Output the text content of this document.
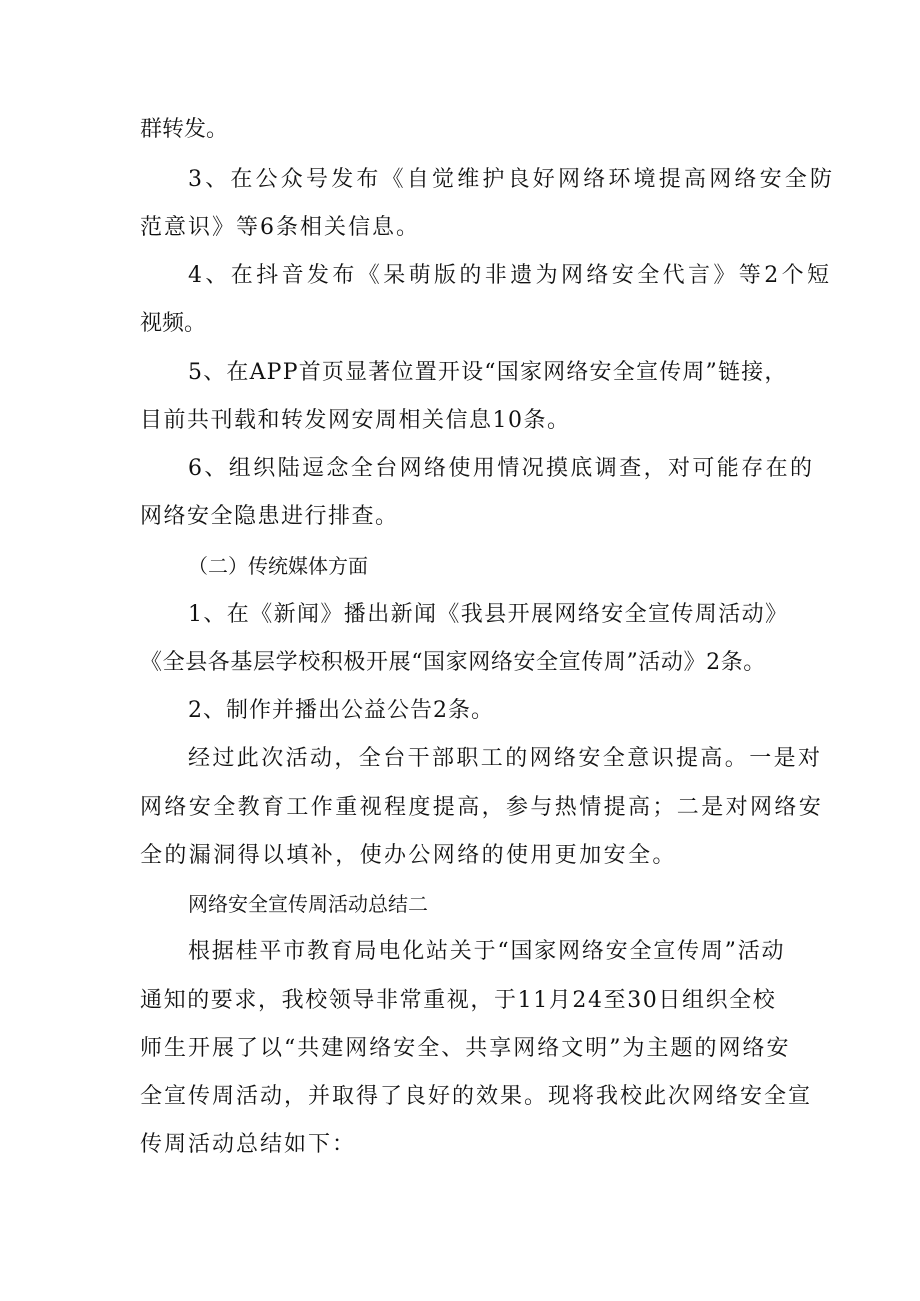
群转发。
3、在公众号发布《自觉维护良好网络环境提高网络安全防
范意识》等6条相关信息。
4、在抖音发布《呆萌版的非遗为网络安全代言》等2个短
视频。
5、在APP首页显著位置开设“国家网络安全宣传周”链接，
目前共刊载和转发网安周相关信息10条。
6、组织陆逗念全台网络使用情况摸底调查，对可能存在的
网络安全隐患进行排查。
（二）传统媒体方面
1、在《新闻》播出新闻《我县开展网络安全宣传周活动》
《全县各基层学校积极开展“国家网络安全宣传周”活动》2条。
2、制作并播出公益公告2条。
经过此次活动，全台干部职工的网络安全意识提高。一是对
网络安全教育工作重视程度提高，参与热情提高；二是对网络安
全的漏洞得以填补，使办公网络的使用更加安全。
网络安全宣传周活动总结二
根据桂平市教育局电化站关于“国家网络安全宣传周”活动
通知的要求，我校领导非常重视，于11月24至30日组织全校
师生开展了以“共建网络安全、共享网络文明”为主题的网络安
全宣传周活动，并取得了良好的效果。现将我校此次网络安全宣
传周活动总结如下：
